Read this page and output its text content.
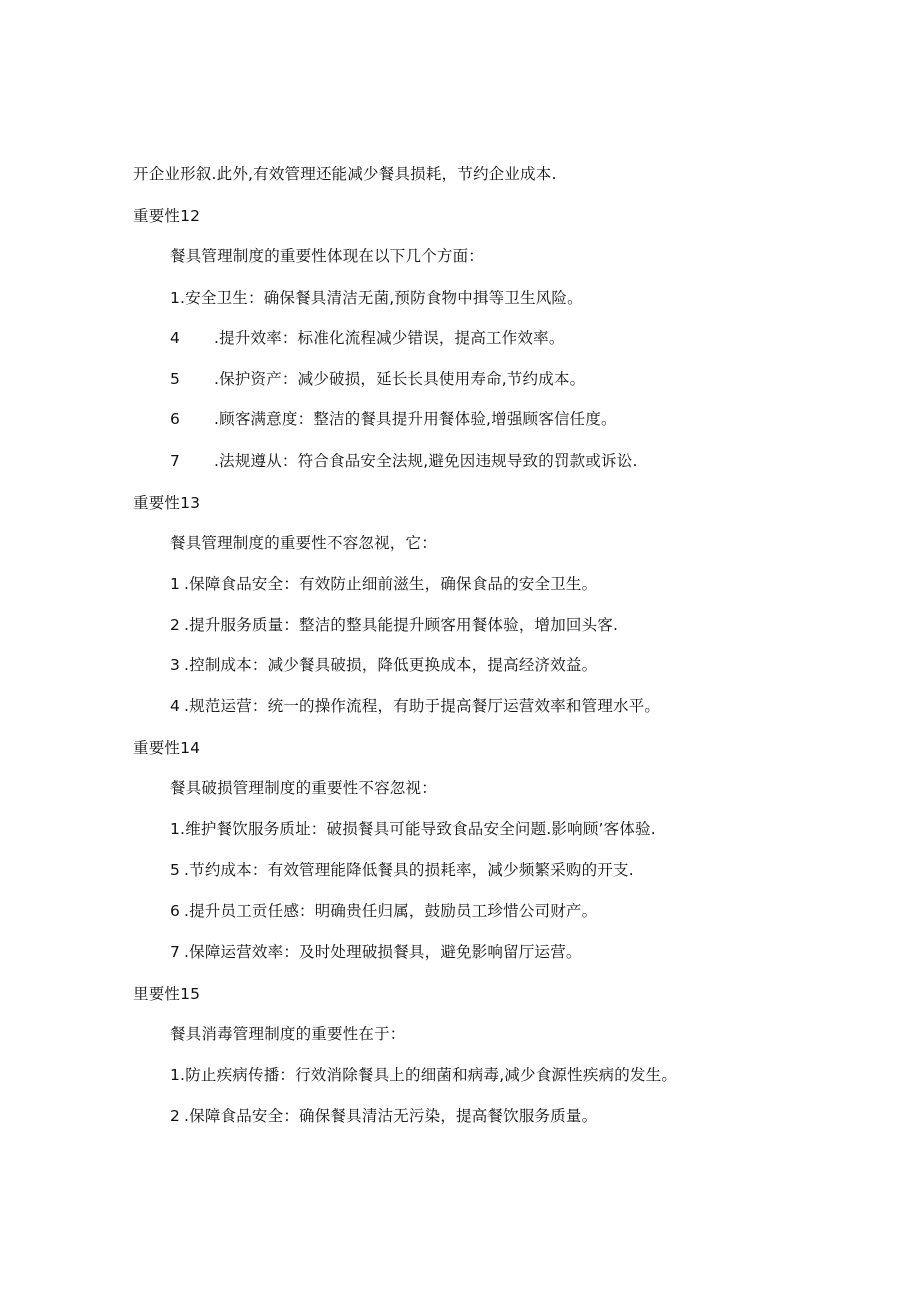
开企业形叙.此外,有效管理还能减少餐具损耗，节约企业成本.
重要性12
餐具管理制度的重要性体现在以下几个方面：
1.安全卫生：确保餐具清洁无菌,预防食物中揖等卫生风险。
4 .提升效率：标准化流程减少错误，提高工作效率。
5 .保护资产：减少破损，延长长具使用寿命,节约成本。
6 .顾客满意度：整洁的餐具提升用餐体验,增强顾客信任度。
7 .法规遵从：符合食品安全法规,避免因违规导致的罚款或诉讼.
重要性13
餐具管理制度的重要性不容忽视，它：
1 .保障食品安全：有效防止细前滋生，确保食品的安全卫生。
2 .提升服务质量：整洁的整具能提升顾客用餐体验，增加回头客.
3 .控制成本：减少餐具破损，降低更换成本，提高经济效益。
4 .规范运营：统一的操作流程，有助于提高餐厅运营效率和管理水平。
重要性14
餐具破损管理制度的重要性不容忽视：
1.维护餐饮服务质址：破损餐具可能导致食品安全问题.影响顾’客体验.
5 .节约成本：有效管理能降低餐具的损耗率，减少频繁采购的开支.
6 .提升员工贡任感：明确贵任归属，鼓励员工珍惜公司财产。
7 .保障运营效率：及时处理破损餐具，避免影响留厅运营。
里要性15
餐具消毒管理制度的重要性在于：
1.防止疾病传播：行效消除餐具上的细菌和病毒,减少食源性疾病的发生。
2 .保障食品安全：确保餐具清沽无污染，提高餐饮服务质量。
